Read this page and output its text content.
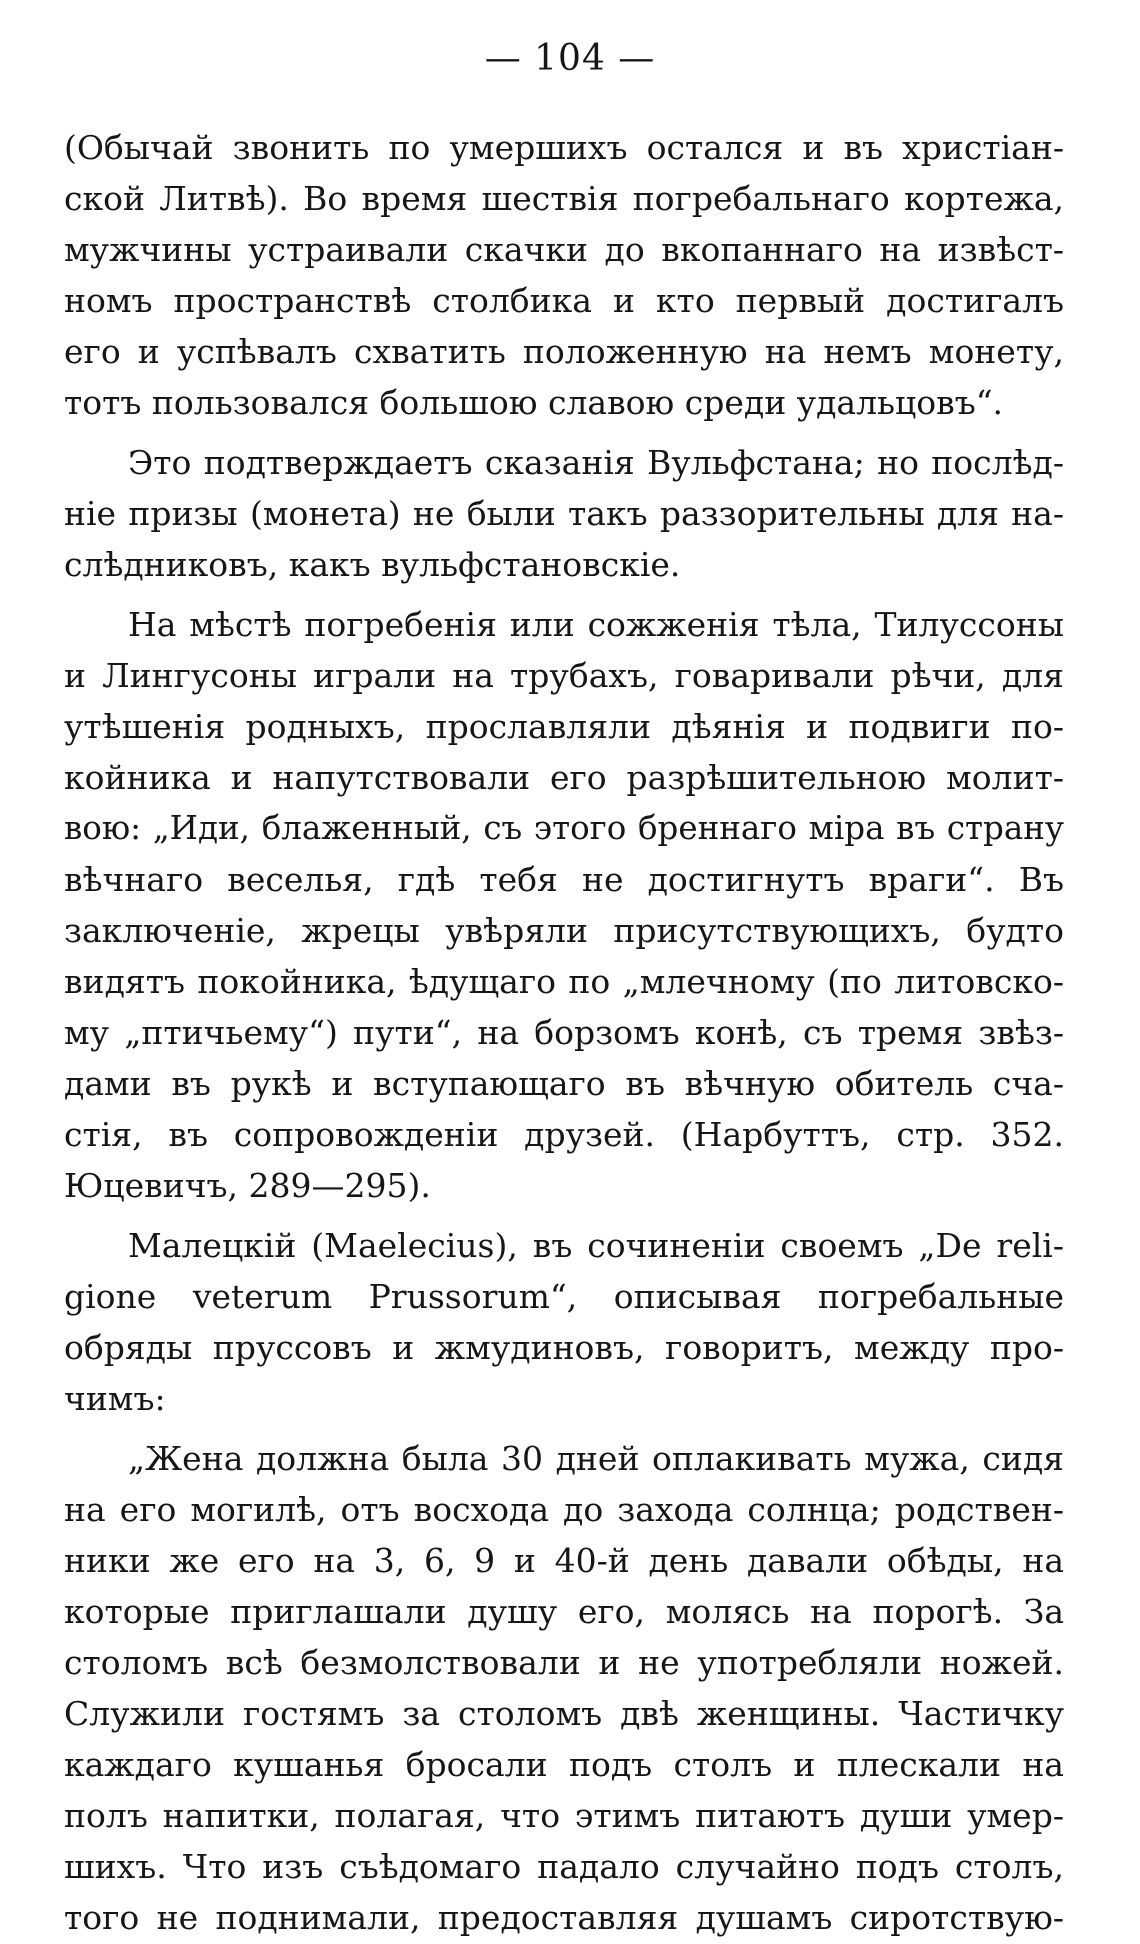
— 104 —
(Обычай звонить по умершихъ остался и въ христіан-
ской Литвѣ). Во время шествія погребальнаго кортежа,
мужчины устраивали скачки до вкопаннаго на извѣст-
номъ пространствѣ столбика и кто первый достигалъ
его и успѣвалъ схватить положенную на немъ монету,
тотъ пользовался большою славою среди удальцовъ“.
Это подтверждаетъ сказанія Вульфстана; но послѣд-
ніе призы (монета) не были такъ раззорительны для на-
слѣдниковъ, какъ вульфстановскіе.
На мѣстѣ погребенія или сожженія тѣла, Тилуссоны
и Лингусоны играли на трубахъ, говаривали рѣчи, для
утѣшенія родныхъ, прославляли дѣянія и подвиги по-
койника и напутствовали его разрѣшительною молит-
вою: „Иди, блаженный, съ этого бреннаго міра въ страну
вѣчнаго веселья, гдѣ тебя не достигнутъ враги“. Въ
заключеніе, жрецы увѣряли присутствующихъ, будто
видятъ покойника, ѣдущаго по „млечному (по литовско-
му „птичьему“) пути“, на борзомъ конѣ, съ тремя звѣз-
дами въ рукѣ и вступающаго въ вѣчную обитель сча-
стія, въ сопровожденіи друзей. (Нарбуттъ, стр. 352.
Юцевичъ, 289—295).
Малецкій (Maelecius), въ сочиненіи своемъ „De reli-
gione veterum Prussorum“, описывая погребальные
обряды пруссовъ и жмудиновъ, говоритъ, между про-
чимъ:
„Жена должна была 30 дней оплакивать мужа, сидя
на его могилѣ, отъ восхода до захода солнца; родствен-
ники же его на 3, 6, 9 и 40-й день давали обѣды, на
которые приглашали душу его, молясь на порогѣ. За
столомъ всѣ безмолствовали и не употребляли ножей.
Служили гостямъ за столомъ двѣ женщины. Частичку
каждаго кушанья бросали подъ столъ и плескали на
полъ напитки, полагая, что этимъ питаютъ души умер-
шихъ. Что изъ съѣдомаго падало случайно подъ столъ,
того не поднимали, предоставляя душамъ сиротствую-
